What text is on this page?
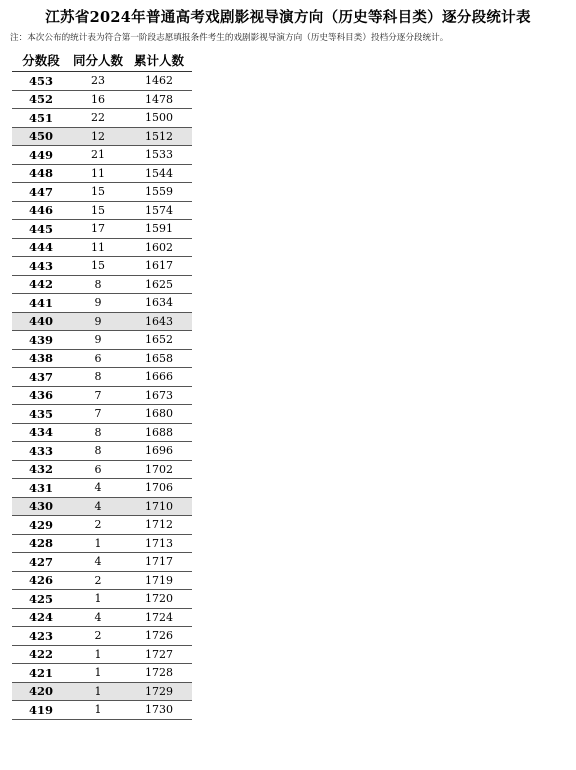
江苏省2024年普通高考戏剧影视导演方向（历史等科目类）逐分段统计表
注：本次公布的统计表为符合第一阶段志愿填报条件考生的戏剧影视导演方向（历史等科目类）投档分逐分段统计。
分数段	同分人数	累计人数
453	23	1462
452	16	1478
451	22	1500
450	12	1512
449	21	1533
448	11	1544
447	15	1559
446	15	1574
445	17	1591
444	11	1602
443	15	1617
442	8	1625
441	9	1634
440	9	1643
439	9	1652
438	6	1658
437	8	1666
436	7	1673
435	7	1680
434	8	1688
433	8	1696
432	6	1702
431	4	1706
430	4	1710
429	2	1712
428	1	1713
427	4	1717
426	2	1719
425	1	1720
424	4	1724
423	2	1726
422	1	1727
421	1	1728
420	1	1729
419	1	1730
